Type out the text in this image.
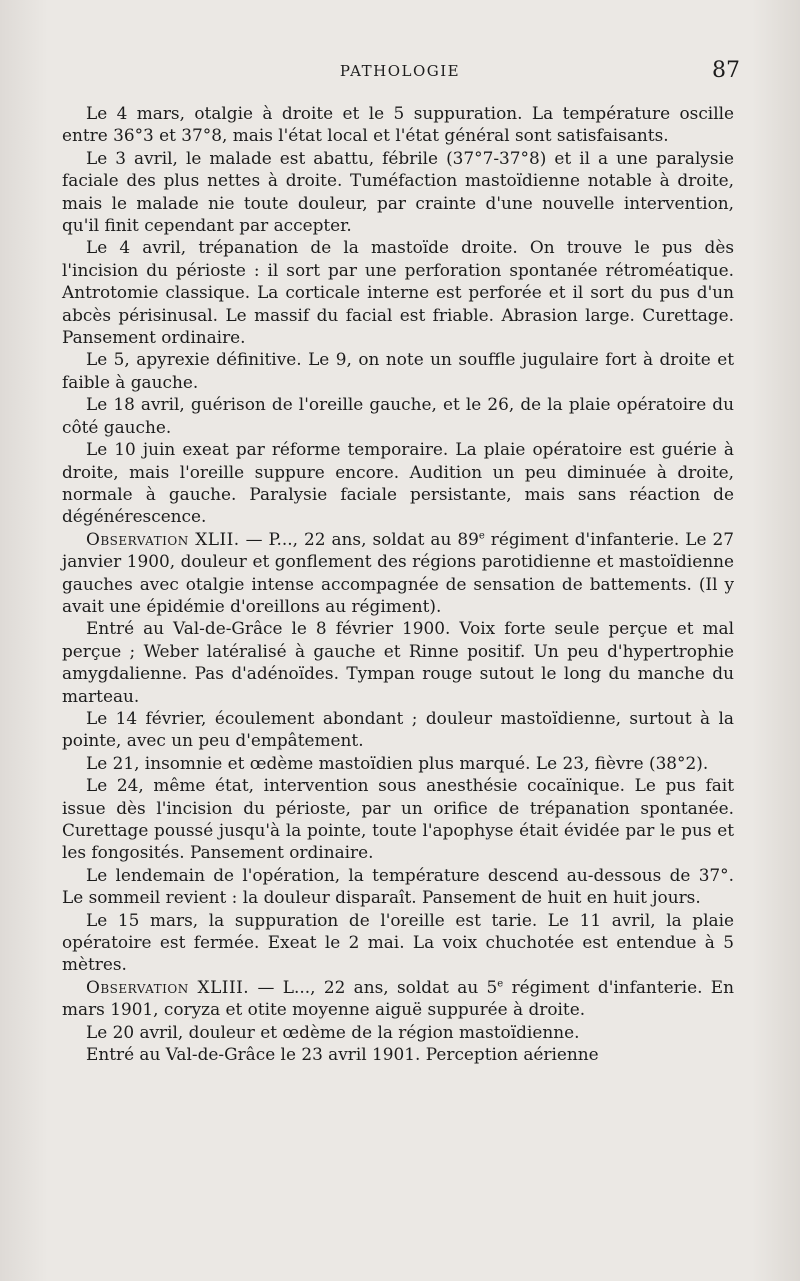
PATHOLOGIE	87

Le 4 mars, otalgie à droite et le 5 suppuration. La température oscille entre 36°3 et 37°8, mais l'état local et l'état général sont satisfaisants.

Le 3 avril, le malade est abattu, fébrile (37°7-37°8) et il a une paralysie faciale des plus nettes à droite. Tuméfaction mastoïdienne notable à droite, mais le malade nie toute douleur, par crainte d'une nouvelle intervention, qu'il finit cependant par accepter.

Le 4 avril, trépanation de la mastoïde droite. On trouve le pus dès l'incision du périoste : il sort par une perforation spontanée rétroméatique. Antrotomie classique. La corticale interne est perforée et il sort du pus d'un abcès périsinusal. Le massif du facial est friable. Abrasion large. Curettage. Pansement ordinaire.

Le 5, apyrexie définitive. Le 9, on note un souffle jugulaire fort à droite et faible à gauche.

Le 18 avril, guérison de l'oreille gauche, et le 26, de la plaie opératoire du côté gauche.

Le 10 juin exeat par réforme temporaire. La plaie opératoire est guérie à droite, mais l'oreille suppure encore. Audition un peu diminuée à droite, normale à gauche. Paralysie faciale persistante, mais sans réaction de dégénérescence.

Observation XLII. — P..., 22 ans, soldat au 89e régiment d'infanterie. Le 27 janvier 1900, douleur et gonflement des régions parotidienne et mastoïdienne gauches avec otalgie intense accompagnée de sensation de battements. (Il y avait une épidémie d'oreillons au régiment).

Entré au Val-de-Grâce le 8 février 1900. Voix forte seule perçue et mal perçue ; Weber latéralisé à gauche et Rinne positif. Un peu d'hypertrophie amygdalienne. Pas d'adénoïdes. Tympan rouge sutout le long du manche du marteau.

Le 14 février, écoulement abondant ; douleur mastoïdienne, surtout à la pointe, avec un peu d'empâtement.

Le 21, insomnie et œdème mastoïdien plus marqué. Le 23, fièvre (38°2).

Le 24, même état, intervention sous anesthésie cocaïnique. Le pus fait issue dès l'incision du périoste, par un orifice de trépanation spontanée. Curettage poussé jusqu'à la pointe, toute l'apophyse était évidée par le pus et les fongosités. Pansement ordinaire.

Le lendemain de l'opération, la température descend au-dessous de 37°. Le sommeil revient : la douleur disparaît. Pansement de huit en huit jours.

Le 15 mars, la suppuration de l'oreille est tarie. Le 11 avril, la plaie opératoire est fermée. Exeat le 2 mai. La voix chuchotée est entendue à 5 mètres.

Observation XLIII. — L..., 22 ans, soldat au 5e régiment d'infanterie. En mars 1901, coryza et otite moyenne aiguë suppurée à droite.

Le 20 avril, douleur et œdème de la région mastoïdienne.

Entré au Val-de-Grâce le 23 avril 1901. Perception aérienne
